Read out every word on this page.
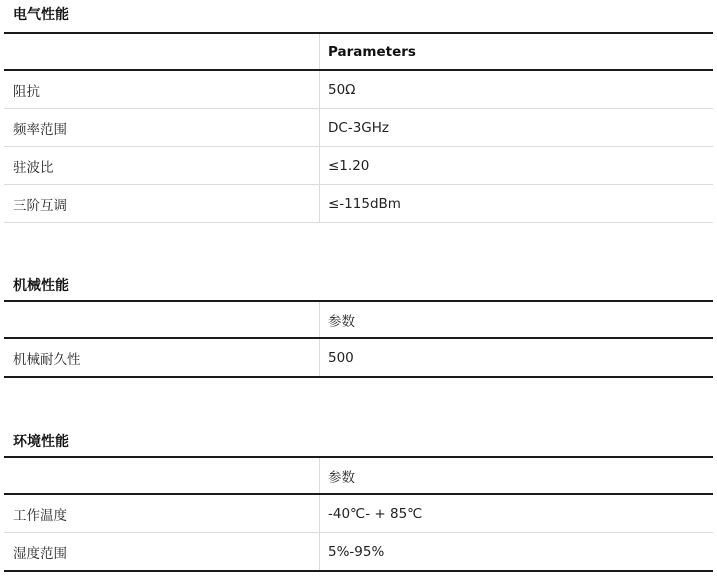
电气性能
	Parameters
阻抗	50Ω
频率范围	DC-3GHz
驻波比	≤1.20
三阶互调	≤-115dBm
机械性能
	参数
机械耐久性	500
环境性能
	参数
工作温度	-40℃- + 85℃
湿度范围	5%-95%
